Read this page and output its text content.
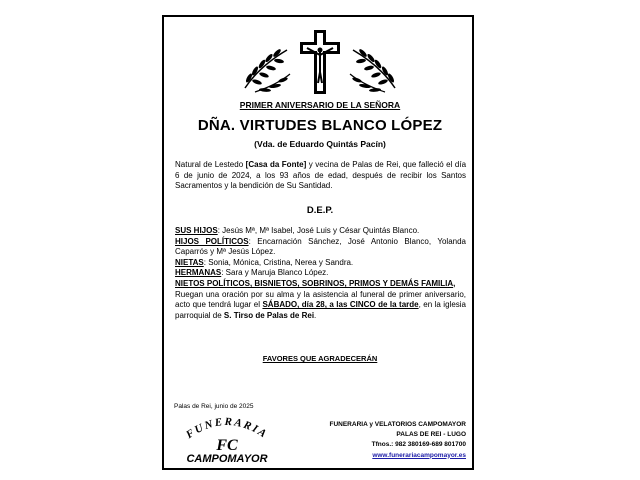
PRIMER ANIVERSARIO DE LA SEÑORA
DÑA. VIRTUDES BLANCO LÓPEZ
(Vda. de Eduardo Quintás Pacín)
Natural de Lestedo [Casa da Fonte] y vecina de Palas de Rei, que falleció el día 6 de junio de 2024, a los 93 años de edad, después de recibir los Santos Sacramentos y la bendición de Su Santidad.
D.E.P.
SUS HIJOS: Jesús Mª, Mª Isabel, José Luis y César Quintás Blanco.
HIJOS POLÍTICOS: Encarnación Sánchez, José Antonio Blanco, Yolanda Caparrós y Mª Jesús López.
NIETAS: Sonia, Mónica, Cristina, Nerea y Sandra.
HERMANAS: Sara y Maruja Blanco López.
NIETOS POLÍTICOS, BISNIETOS, SOBRINOS, PRIMOS Y DEMÁS FAMILIA,
Ruegan una oración por su alma y la asistencia al funeral de primer aniversario, acto que tendrá lugar el SÁBADO, día 28, a las CINCO de la tarde, en la iglesia parroquial de S. Tirso de Palas de Rei.
FAVORES QUE AGRADECERÁN
Palas de Rei, junio de 2025
FUNERARIA
FC
CAMPOMAYOR
FUNERARIA y VELATORIOS CAMPOMAYOR
PALAS DE REI - LUGO
Tfnos.: 982 380169-689 801700
www.funerariacampomayor.es
